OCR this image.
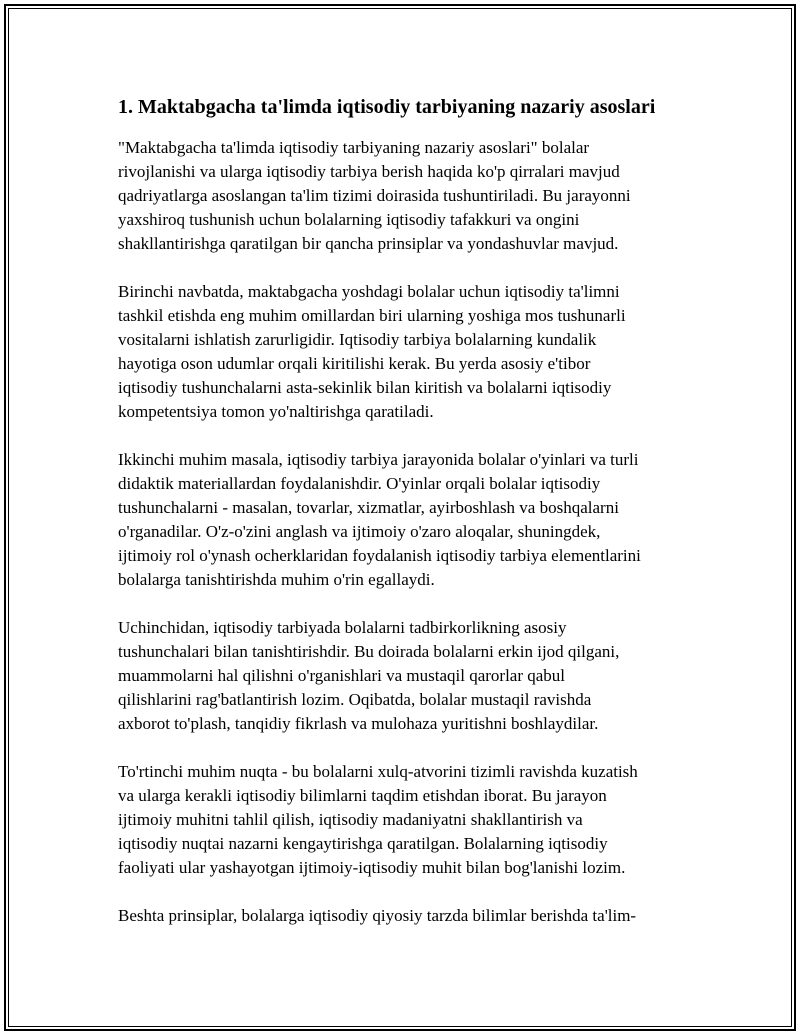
1. Maktabgacha ta'limda iqtisodiy tarbiyaning nazariy asoslari

"Maktabgacha ta'limda iqtisodiy tarbiyaning nazariy asoslari" bolalar
rivojlanishi va ularga iqtisodiy tarbiya berish haqida ko'p qirralari mavjud
qadriyatlarga asoslangan ta'lim tizimi doirasida tushuntiriladi. Bu jarayonni
yaxshiroq tushunish uchun bolalarning iqtisodiy tafakkuri va ongini
shakllantirishga qaratilgan bir qancha prinsiplar va yondashuvlar mavjud.

Birinchi navbatda, maktabgacha yoshdagi bolalar uchun iqtisodiy ta'limni
tashkil etishda eng muhim omillardan biri ularning yoshiga mos tushunarli
vositalarni ishlatish zarurligidir. Iqtisodiy tarbiya bolalarning kundalik
hayotiga oson udumlar orqali kiritilishi kerak. Bu yerda asosiy e'tibor
iqtisodiy tushunchalarni asta-sekinlik bilan kiritish va bolalarni iqtisodiy
kompetentsiya tomon yo'naltirishga qaratiladi.

Ikkinchi muhim masala, iqtisodiy tarbiya jarayonida bolalar o'yinlari va turli
didaktik materiallardan foydalanishdir. O'yinlar orqali bolalar iqtisodiy
tushunchalarni - masalan, tovarlar, xizmatlar, ayirboshlash va boshqalarni
o'rganadilar. O'z-o'zini anglash va ijtimoiy o'zaro aloqalar, shuningdek,
ijtimoiy rol o'ynash ocherklaridan foydalanish iqtisodiy tarbiya elementlarini
bolalarga tanishtirishda muhim o'rin egallaydi.

Uchinchidan, iqtisodiy tarbiyada bolalarni tadbirkorlikning asosiy
tushunchalari bilan tanishtirishdir. Bu doirada bolalarni erkin ijod qilgani,
muammolarni hal qilishni o'rganishlari va mustaqil qarorlar qabul
qilishlarini rag'batlantirish lozim. Oqibatda, bolalar mustaqil ravishda
axborot to'plash, tanqidiy fikrlash va mulohaza yuritishni boshlaydilar.

To'rtinchi muhim nuqta - bu bolalarni xulq-atvorini tizimli ravishda kuzatish
va ularga kerakli iqtisodiy bilimlarni taqdim etishdan iborat. Bu jarayon
ijtimoiy muhitni tahlil qilish, iqtisodiy madaniyatni shakllantirish va
iqtisodiy nuqtai nazarni kengaytirishga qaratilgan. Bolalarning iqtisodiy
faoliyati ular yashayotgan ijtimoiy-iqtisodiy muhit bilan bog'lanishi lozim.

Beshta prinsiplar, bolalarga iqtisodiy qiyosiy tarzda bilimlar berishda ta'lim-
